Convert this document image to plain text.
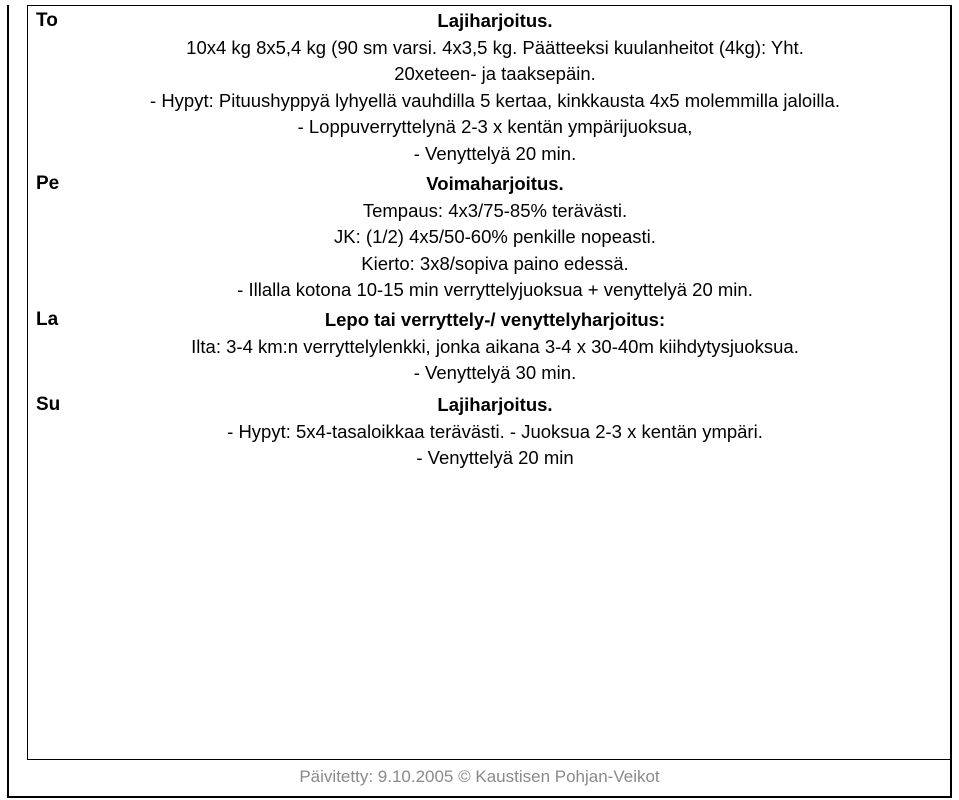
To	Lajiharjoitus.
10x4 kg 8x5,4 kg (90 sm varsi. 4x3,5 kg. Päätteeksi kuulanheitot (4kg): Yht.
20xeteen- ja taaksepäin.
- Hypyt: Pituushyppyä lyhyellä vauhdilla 5 kertaa, kinkkausta 4x5 molemmilla jaloilla.
- Loppuverryttelynä 2-3 x kentän ympärijuoksua,
- Venyttelyä 20 min.
Pe	Voimaharjoitus.
Tempaus: 4x3/75-85% terävästi.
JK: (1/2) 4x5/50-60% penkille nopeasti.
Kierto: 3x8/sopiva paino edessä.
- Illalla kotona 10-15 min verryttelyjuoksua + venyttelyä 20 min.
La	Lepo tai verryttely-/ venyttelyharjoitus:
Ilta: 3-4 km:n verryttelylenkki, jonka aikana 3-4 x 30-40m kiihdytysjuoksua.
- Venyttelyä 30 min.
Su	Lajiharjoitus.
- Hypyt: 5x4-tasaloikkaa terävästi. - Juoksua 2-3 x kentän ympäri.
- Venyttelyä 20 min
Päivitetty: 9.10.2005 © Kaustisen Pohjan-Veikot
